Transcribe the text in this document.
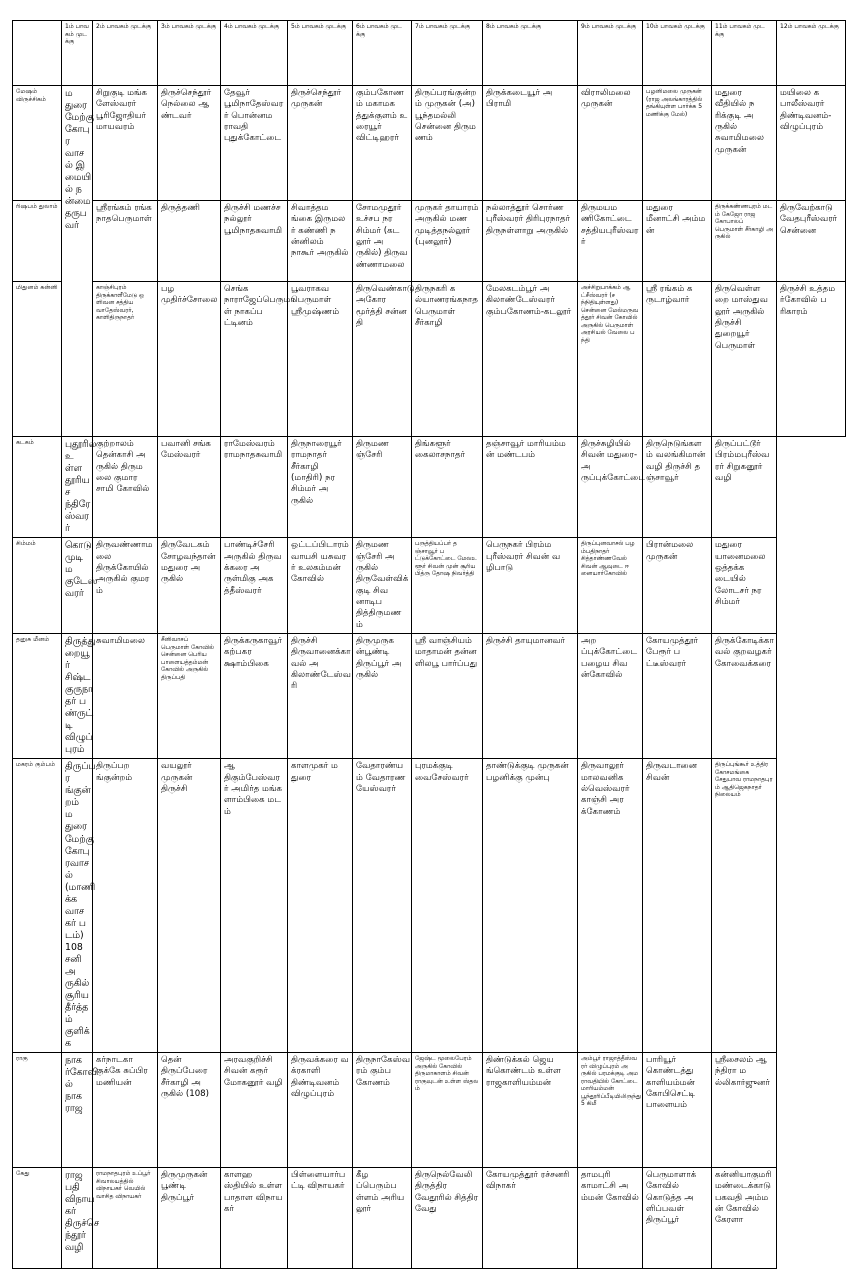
	1ம் பாவகம் முடக்கு	2ம் பாவகம் முடக்கு	3ம் பாவகம் முடக்கு	4ம் பாவகம் முடக்கு	5ம் பாவகம் முடக்கு	6ம் பாவகம் முடக்கு	7ம் பாவகம் முடக்கு	8ம் பாவகம் முடக்கு	9ம் பாவகம் முடக்கு	10ம் பாவகம் முடக்கு	11ம் பாவகம் முடக்கு	12ம் பாவகம் முடக்கு
மேஷம் விருச்சிகம்	மதுரை மேற்கு கோபுர வாசல் இமையில் நன்மை தருபவர்	சிறுகுடி மங்களேஸ்வரர் பூரிஜோதியர் மாயவரம்	திருச்செந்தூர் நெல்லை ஆண்டவர்	தேவூர் பூமிநாதேஸ்வரர் பொன்னமராவதி புதுக்கோட்டை	திருச்செந்தூர் முருகன்	கும்பகோணம் மகாமகத்துக்குளம் உரையூர் விட்டிஹரர்	திருப்பரங்குன்றம் முருகன் (அ) பூந்தமல்லி சென்னை திருமணம்	திருக்கடையூர் அபிராமி	விராலிமலை முருகன்	பழனிமலை முருகன் (ராஜ அலங்காரத்தில் தங்கியுள்ள பார்க்க 5 மணிக்கு மேல்)	மதுரை வீதியில் நரிக்குடி அருகில் சுவாமிமலை முருகன்	மயிலை கபாலீஸ்வரர் திண்டிவனம்-விழுப்புரம்
ரிஷபம் துலாம்		ஸ்ரீரங்கம் ரங்கநாதபெருமாள்	திருத்தணி	திருச்சி மணச்சநல்லூர் பூமிநாதசுவாமி	சிவாத்தமங்கை இருமலர் கண்ணி நன்னிலம் நாகூர் அருகில்	சோமமுதூர் உச்சப நரசிம்மர் (கடலூர் அருகில்) திருவண்ணாமலை	முருகர் தாயாரம் அருகில் மணமுடித்தநல்லூர் (புனலூர்)	நல்லாத்தூர் சொர்ணபுரீஸ்வரர் திரிபுரநாதர் திருநள்ளாறு அருகில்	திருமயமணிகோட்டை சத்தியபுரீஸ்வரர்	மதுரை மீனாட்சி அம்மன்	திருக்கண்ணபுரம் மடம் கேஜோ ராஜகோபாலப் பெருமாள் சீர்காழி அருகில்	திருவேற்காடு வேதபுரீஸ்வரர் சென்னை
மிதுனம் கன்னி		காஞ்சிபுரம் திருக்காளீமேடு ஒளிவன சத்தியவாதேஸ்வரர், காளிதிருநாதர்	பழமுதிர்ச்சோலை	செங்கநாராஜேப்பெருமாள் நாகப்பட்டினம்	பூவராகவ பெருமாள் ஸ்ரீமுஷ்ணம்	திருவெண்காடு அகோரமூர்த்தி சன்னதி	திருநகரி கல்யாணரங்கநாத பெருமாள் சீர்காழி	மேலகடம்பூர் அகிலாண்டேஸ்வரர் கும்பகோணம்-கடலூர்	அச்சிறுபாக்கம் ஆட்சீஸ்வரர் (சந்நிதியுள்ளது) சென்னை மேல்மருவத்தூர் சிவன் கோவில் அருகில் பெருமாள் அரசியல் வேலை பந்தி	ஸ்ரீ ரங்கம் கருடாழ்வார்	திருவெள்ளறை மாஸ்துவலூர் அருகில் திருச்சி துறையூர் பெருமாள்	திருச்சி உத்தமர்கோவில் பரிகாரம்
கடகம்	புதூரில் உள்ள தூரிய சந்திரேஸ்வரர்	குற்றாலம் தென்காசி அருகில் திருமலை குமாரசாமி கோவில்	பவானி சங்கமேஸ்வரர்	ராமேஸ்வரம் ராமநாதசுவாமி	திருநாரையூர் ராமநாதர் சீர்காழி (மாதிரி) நரசிம்மர் அருகில்	திருமணஞ்சேரி	திங்களூர் கைலாசநாதர்	தஞ்சாவூர் மாரியம்மன் மண்டபம்	திருச்சுழியில் சிவன் மதுரை-அருப்புக்கோட்டை	திருநெடுங்களம் வலங்கிமான் வழி திருச்சி தஞ்சாவூர்	திருப்பட்டூர் பிரம்மபுரீஸ்வரர் சிறுகனூர் வழி	
சிம்மம்	கொடுமுடி மகுடேஸ்வரர்	திருவண்ணாமலை திருக்கோயில் அருகில் குமரம்	திருவேடகம் சோழவந்தான் மதுரை அருகில்	பாண்டிச்சேரி அருகில் திருவக்கரை அருள்மிகு அகத்தீஸ்வரர்	ஒட்டப்பிடாரம் வாயசி யசுவரர் உலகம்மன் கோவில்	திருமணஞ்சேரி அருகில் திருவேள்விக்குடி சிவனாடிபதித்திருமணம்	பருத்தியப்பர் தஞ்சாவூர் பட்டுக்கோட்டை மேலஉளூர் சிவன் முன் சூரிய பித்ரு தோஷ நிவர்த்தி	பெருநகர் பிரம்மபுரீஸ்வரர் சிவன் வழிபாடு	திருப்புனவாசல் பழம்பதிநாதர் சித்தாண்ணவேல் சிவன் ஆவுடை ஈனையார்கோவில்	பிரான்மலை முருகன்	மதுரை யானைமலை ஒத்தக்கடையில் லோடசர் நரசிம்மர்	
தனுசு மீனம்	திருத்துறையூர் சிஷ்டகுருநாதர் பண்ருட்டி விழுப்புரம்	சுவாமிமலை	சீனிவாசப் பெருமாள் கோவில் சென்னை பெரியபாளையத்தம்மன் கோவில் அருகில் திருப்பதி	திருக்கருகாவூர் கற்பகரக்ஷாம்பிகை	திருச்சி திருவானைக்காவல் அகிலாண்டேஸ்வரி	திருமுருகன்பூண்டி திருப்பூர் அருகில்	ஸ்ரீ வாஞ்சியம் மாதாமன் தன்னளிலபூ பார்ப்பது	திருச்சி தாயுமானவர்	அறப்புக்கோட்டை பழைய சிவன்கோவில்	கோயமுத்தூர் பேரூர் பட்டீஸ்வரர்	திருக்கோடிக்காவல் குறவழகர் கோவைக்கரை	
மகரம் கும்பம்	திருப்பரங்குன்றம் மதுரை மேற்கு கோபுரவாசல் (மாணிக்கவாசகர் படம்) 108 சனி அருகில் சூரிய தீர்த்தம் குளிக்க	திருப்பறங்குன்றம்	வயலூர் முருகன் திருச்சி	ஆதிகும்பேஸ்வரர் அமிர்த மங்களாம்பிகை மடம்	காளமுகர் மதுரை	வேதாரண்யம் வேதாரணயேஸ்வரர்	புரமக்குடி வைசேஸ்வரர்	தாண்டுக்குடி முருகன் பழனிக்கு முன்பு	திருவாலூர் மாலவனிகல்வெஸ்வரர் காஞ்சி அரக்கோணம்	திருவடானை சிவன்	திருப்புங்கூர் உத்திரகோசமங்கை சேதுபாவ ராமநாதபுரம் ஆதிஜெகநாதர் நிலையம்	
ராகு	நாகர்கோவில் நாகராஜ	கர்நாடகா குக்கே சுப்பிரமணியன்	தென் திருப்பேரை சீர்காழி அருகில் (108)	அரவகுறிச்சி சிவன் கரூர் மோகனூர் வழி	திருவக்கரை வக்ரகாளி திண்டிவனம் விழுப்புரம்	திருநாகேஸ்வரம் கும்பகோணம்	ஜேஷ்ட மூலைபேரம் அருகில் கோவில் திருமாகாளம் சிவன் ராகுவுடன் உள்ள ஸ்தலம்	திண்டுக்கல் ஜெயங்கொண்டம் உள்ள ராஜகாளியம்மன்	அம்பூர் ராஜாத்தீஸ்வரர் விழுப்புரம் அருகில் பரமக்குடி அமராவதியில் கோட்டை மாரியம்மன் பூந்தூரிப்பீடியிலிருந்து 5 கிமீ	பாரியூர் கொண்டத்து காளியம்மன் கோபிசெட்டி பாளையம்	ஸ்ரீசைலம் ஆந்திரா மல்லிகார்ஜுனர்	
கேது	ராஜபதி விநாயகர் திருச்செந்தூர் வழி	ராமநாதபுரம் உப்பூர் சிவாலயத்தில் விநாயகர் வெயில் வாசித விநாயகர்	திருமுருகன் பூண்டி திருப்பூர்	காளஹஸ்தியில் உள்ள பாதாள விநாயகர்	பிள்ளையார்பட்டி விநாயகர்	கீழப்பெரும்பள்ளம் அரியலூர்	திருநெல்வேலி திருத்திரவேதூரில் சித்திரவேது	கோயமுத்தூர் ரச்சனரி விநாகர்	தாமபுரி காமாட்சி அம்மன் கோவில்	பெருமாளாக் கோவில் கொடுத்த அளிப்பவள் திருப்பூர்	கன்னியாகுமரி மண்டைக்காடு பகவதி அம்மன் கோவில் கேரளா	
